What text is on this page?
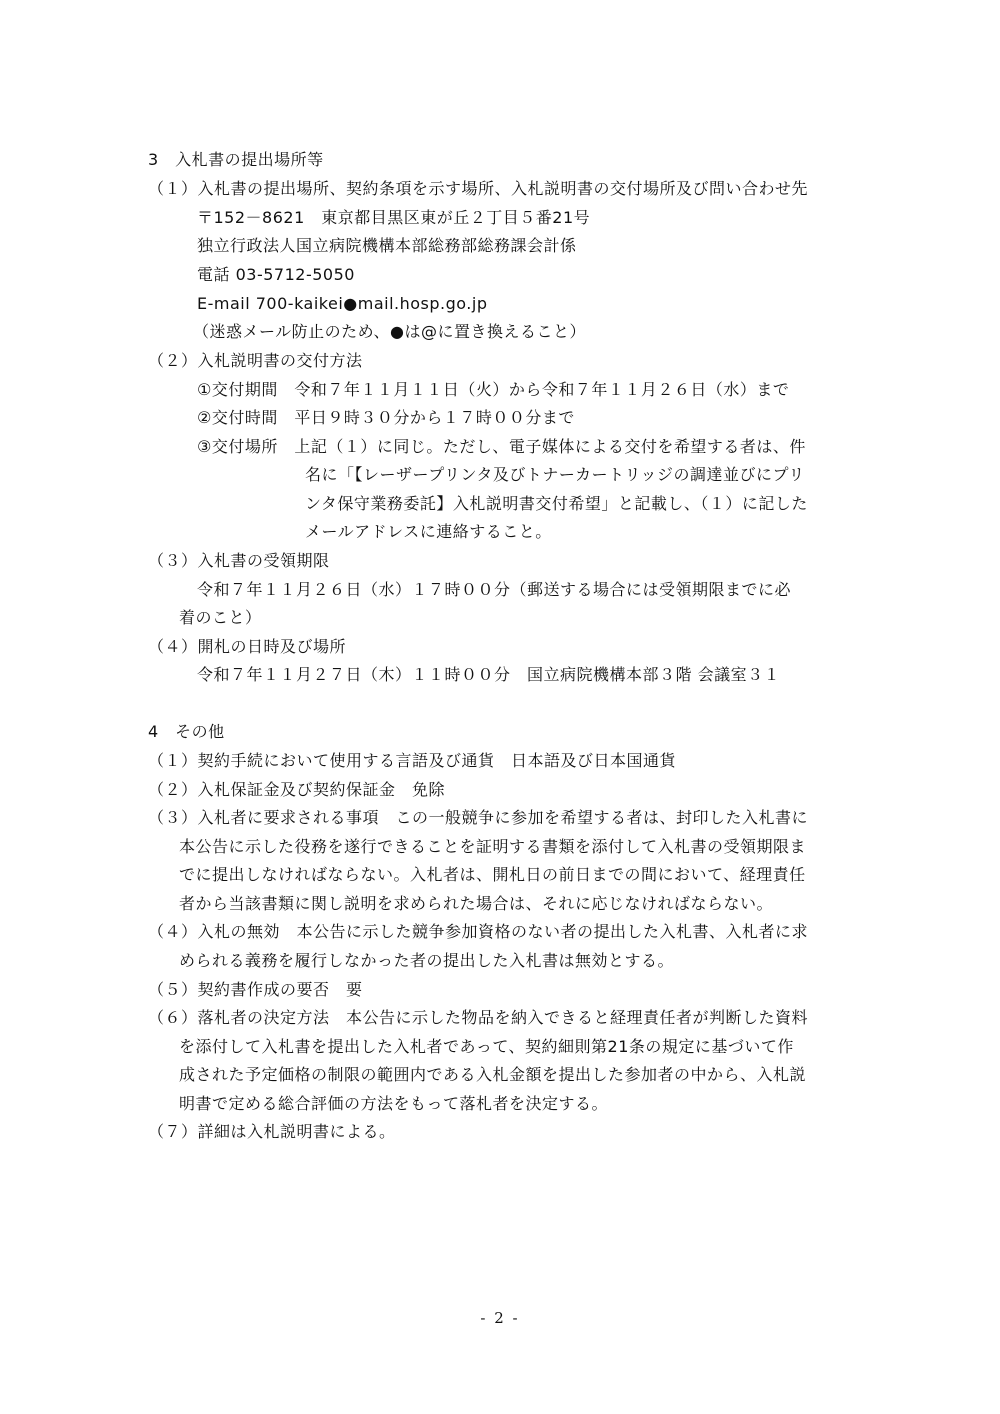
3　入札書の提出場所等
（１）入札書の提出場所、契約条項を示す場所、入札説明書の交付場所及び問い合わせ先
〒152－8621　東京都目黒区東が丘２丁目５番21号
独立行政法人国立病院機構本部総務部総務課会計係
電話 03-5712-5050
E-mail 700-kaikei●mail.hosp.go.jp
（迷惑メール防止のため、●は@に置き換えること）
（２）入札説明書の交付方法
①交付期間　令和７年１１月１１日（火）から令和７年１１月２６日（水）まで
②交付時間　平日９時３０分から１７時００分まで
③交付場所　上記（１）に同じ。ただし、電子媒体による交付を希望する者は、件
名に「【レーザープリンタ及びトナーカートリッジの調達並びにプリ
ンタ保守業務委託】入札説明書交付希望」と記載し、（１）に記した
メールアドレスに連絡すること。
（３）入札書の受領期限
令和７年１１月２６日（水）１７時００分（郵送する場合には受領期限までに必
着のこと）
（４）開札の日時及び場所
令和７年１１月２７日（木）１１時００分　国立病院機構本部３階 会議室３１
4　その他
（１）契約手続において使用する言語及び通貨　日本語及び日本国通貨
（２）入札保証金及び契約保証金　免除
（３）入札者に要求される事項　この一般競争に参加を希望する者は、封印した入札書に
本公告に示した役務を遂行できることを証明する書類を添付して入札書の受領期限ま
でに提出しなければならない。入札者は、開札日の前日までの間において、経理責任
者から当該書類に関し説明を求められた場合は、それに応じなければならない。
（４）入札の無効　本公告に示した競争参加資格のない者の提出した入札書、入札者に求
められる義務を履行しなかった者の提出した入札書は無効とする。
（５）契約書作成の要否　要
（６）落札者の決定方法　本公告に示した物品を納入できると経理責任者が判断した資料
を添付して入札書を提出した入札者であって、契約細則第21条の規定に基づいて作
成された予定価格の制限の範囲内である入札金額を提出した参加者の中から、入札説
明書で定める総合評価の方法をもって落札者を決定する。
（７）詳細は入札説明書による。
- 2 -
